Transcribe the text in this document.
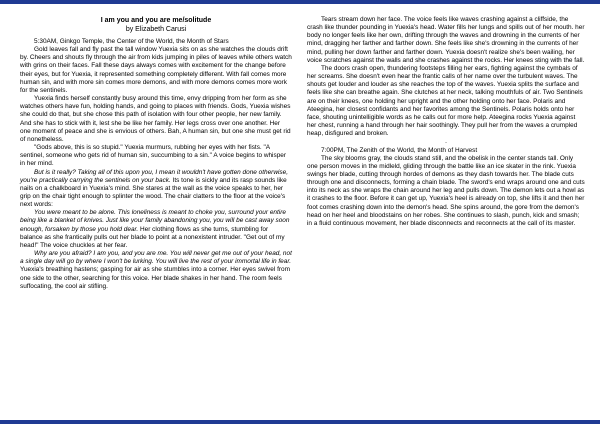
I am you and you are me/solitude
by Elizabeth Carusi

5:30AM, Ginkgo Temple, the Center of the World, the Month of Stars

Gold leaves fall and fly past the tall window Yuexia sits on as she watches the clouds drift by. Cheers and shouts fly through the air from kids jumping in piles of leaves while others watch with grins on their faces. Fall these days always comes with excitement for the change before their eyes, but for Yuexia, it represented something completely different. With fall comes more human sin, and with more sin comes more demons, and with more demons comes more work for the sentinels.

Yuexia finds herself constantly busy around this time, envy dripping from her form as she watches others have fun, holding hands, and going to places with friends. Gods, Yuexia wishes she could do that, but she chose this path of isolation with four other people, her new family. And she has to stick with it, lest she be like her family. Her legs cross over one another. Her one moment of peace and she is envious of others. Bah, A human sin, but one she must get rid of nonetheless.

"Gods above, this is so stupid." Yuexia murmurs, rubbing her eyes with her fists. "A sentinel, someone who gets rid of human sin, succumbing to a sin." A voice begins to whisper in her mind.

But is it really? Taking all of this upon you, I mean it wouldn't have gotten done otherwise, you're practically carrying the sentinels on your back. Its tone is sickly and its rasp sounds like nails on a chalkboard in Yuexia's mind. She stares at the wall as the voice speaks to her, her grip on the chair tight enough to splinter the wood. The chair clatters to the floor at the voice's next words:

You were meant to be alone. This loneliness is meant to choke you, surround your entire being like a blanket of knives. Just like your family abandoning you, you will be cast away soon enough, forsaken by those you hold dear. Her clothing flows as she turns, stumbling for balance as she frantically pulls out her blade to point at a nonexistent intruder. "Get out of my head!" The voice chuckles at her fear.

Why are you afraid? I am you, and you are me. You will never get me out of your head, not a single day will go by where I won't be lurking. You will live the rest of your immortal life in fear. Yuexia's breathing hastens; gasping for air as she stumbles into a corner. Her eyes swivel from one side to the other, searching for this voice. Her blade shakes in her hand. The room feels suffocating, the cool air stifling.

Tears stream down her face. The voice feels like waves crashing against a cliffside, the crash like thunder pounding in Yuexia's head. Water fills her lungs and spills out of her mouth. her body no longer feels like her own, drifting through the waves and drowning in the currents of her mind, dragging her farther and farther down. She feels like she's drowning in the currents of her mind, pulling her down farther and farther down. Yuexia doesn't realize she's been wailing, her voice scratches against the walls and she crashes against the rocks. Her knees sting with the fall.

The doors crash open, thundering footsteps filling her ears, fighting against the cymbals of her screams. She doesn't even hear the frantic calls of her name over the turbulent waves. The shouts get louder and louder as she reaches the top of the waves. Yuexia splits the surface and feels like she can breathe again. She clutches at her neck, talking mouthfuls of air. Two Sentinels are on their knees, one holding her upright and the other holding onto her face. Polaris and Ateegina, her closest confidants and her favorites among the Sentinels. Polaris holds onto her face, shouting unintelligible words as he calls out for more help. Ateegina rocks Yuexia against her chest, running a hand through her hair soothingly. They pull her from the waves a crumpled heap, disfigured and broken.

.

7:00PM, The Zenith of the World, the Month of Harvest

The sky blooms gray, the clouds stand still, and the obelisk in the center stands tall. Only one person moves in the midleld, gliding through the battle like an ice skater in the rink. Yuexia swings her blade, cutting through hordes of demons as they dash towards her. The blade cuts through one and disconnects, forming a chain blade. The sword's end wraps around one and cuts into its neck as she wraps the chain around her leg and pulls down. The demon lets out a howl as it crashes to the floor. Before it can get up, Yuexia's heel is already on top, she lifts it and then her foot comes crashing down into the demon's head. She spins around, the gore from the demon's head on her heel and bloodstains on her robes. She continues to slash, punch, kick and smash; in a fluid continuous movement, her blade disconnects and reconnects at the call of its master.
